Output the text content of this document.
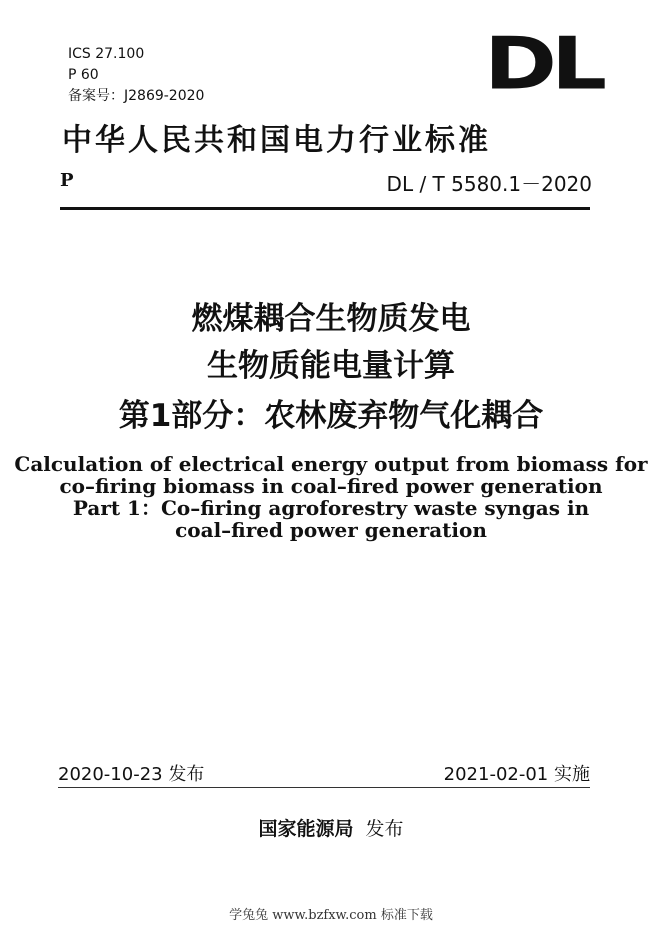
ICS 27.100
P 60
备案号：J2869-2020	DL
中华人民共和国电力行业标准
P	DL / T 5580.1－2020
燃煤耦合生物质发电
生物质能电量计算
第1部分：农林废弃物气化耦合
Calculation of electrical energy output from biomass for
co–firing biomass in coal–fired power generation
Part 1：Co–firing agroforestry waste syngas in
coal–fired power generation
2020-10-23 发布	2021-02-01 实施
国家能源局 发布
学兔兔 www.bzfxw.com 标准下载
